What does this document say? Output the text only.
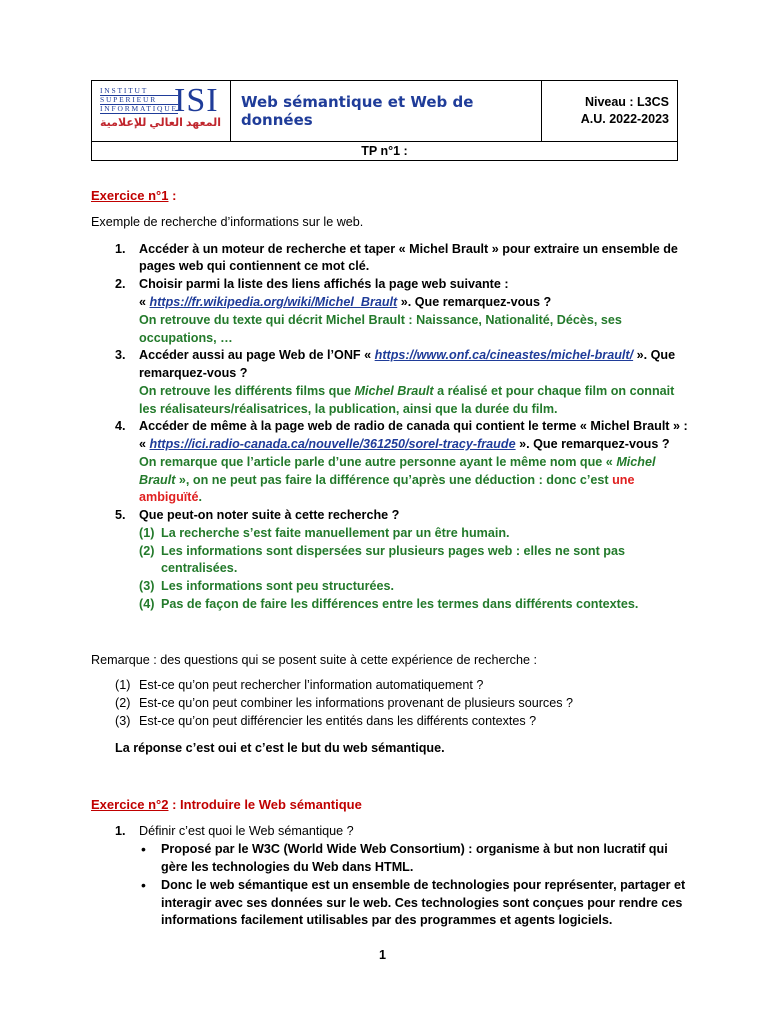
INSTITUT
SUPERIEUR
INFORMATIQUE
ISI
المعهد العالي للإعلامية
Web sémantique et Web de données
Niveau : L3CS
A.U. 2022-2023
TP n°1 :
Exercice n°1 :
Exemple de recherche d’informations sur le web.
1.	Accéder à un moteur de recherche et taper « Michel Brault » pour extraire un ensemble de
pages web qui contiennent ce mot clé.
2.	Choisir parmi la liste des liens affichés la page web suivante :
« https://fr.wikipedia.org/wiki/Michel_Brault ». Que remarquez-vous ?
On retrouve du texte qui décrit Michel Brault : Naissance, Nationalité, Décès, ses
occupations, …
3.	Accéder aussi au page Web de l’ONF « https://www.onf.ca/cineastes/michel-brault/ ». Que
remarquez-vous ?
On retrouve les différents films que Michel Brault a réalisé et pour chaque film on connait
les réalisateurs/réalisatrices, la publication, ainsi que la durée du film.
4.	Accéder de même à la page web de radio de canada qui contient le terme « Michel Brault » :
« https://ici.radio-canada.ca/nouvelle/361250/sorel-tracy-fraude ». Que remarquez-vous ?
On remarque que l’article parle d’une autre personne ayant le même nom que « Michel
Brault », on ne peut pas faire la différence qu’après une déduction : donc c’est une
ambiguïté.
5.	Que peut-on noter suite à cette recherche ?
(1) La recherche s’est faite manuellement par un être humain.
(2) Les informations sont dispersées sur plusieurs pages web : elles ne sont pas
centralisées.
(3) Les informations sont peu structurées.
(4) Pas de façon de faire les différences entre les termes dans différents contextes.
Remarque : des questions qui se posent suite à cette expérience de recherche :
(1) Est-ce qu’on peut rechercher l’information automatiquement ?
(2) Est-ce qu’on peut combiner les informations provenant de plusieurs sources ?
(3) Est-ce qu’on peut différencier les entités dans les différents contextes ?
La réponse c’est oui et c’est le but du web sémantique.
Exercice n°2 : Introduire le Web sémantique
1.	Définir c’est quoi le Web sémantique ?
• Proposé par le W3C (World Wide Web Consortium) : organisme à but non lucratif qui
gère les technologies du Web dans HTML.
• Donc le web sémantique est un ensemble de technologies pour représenter, partager et
interagir avec ses données sur le web. Ces technologies sont conçues pour rendre ces
informations facilement utilisables par des programmes et agents logiciels.
1
